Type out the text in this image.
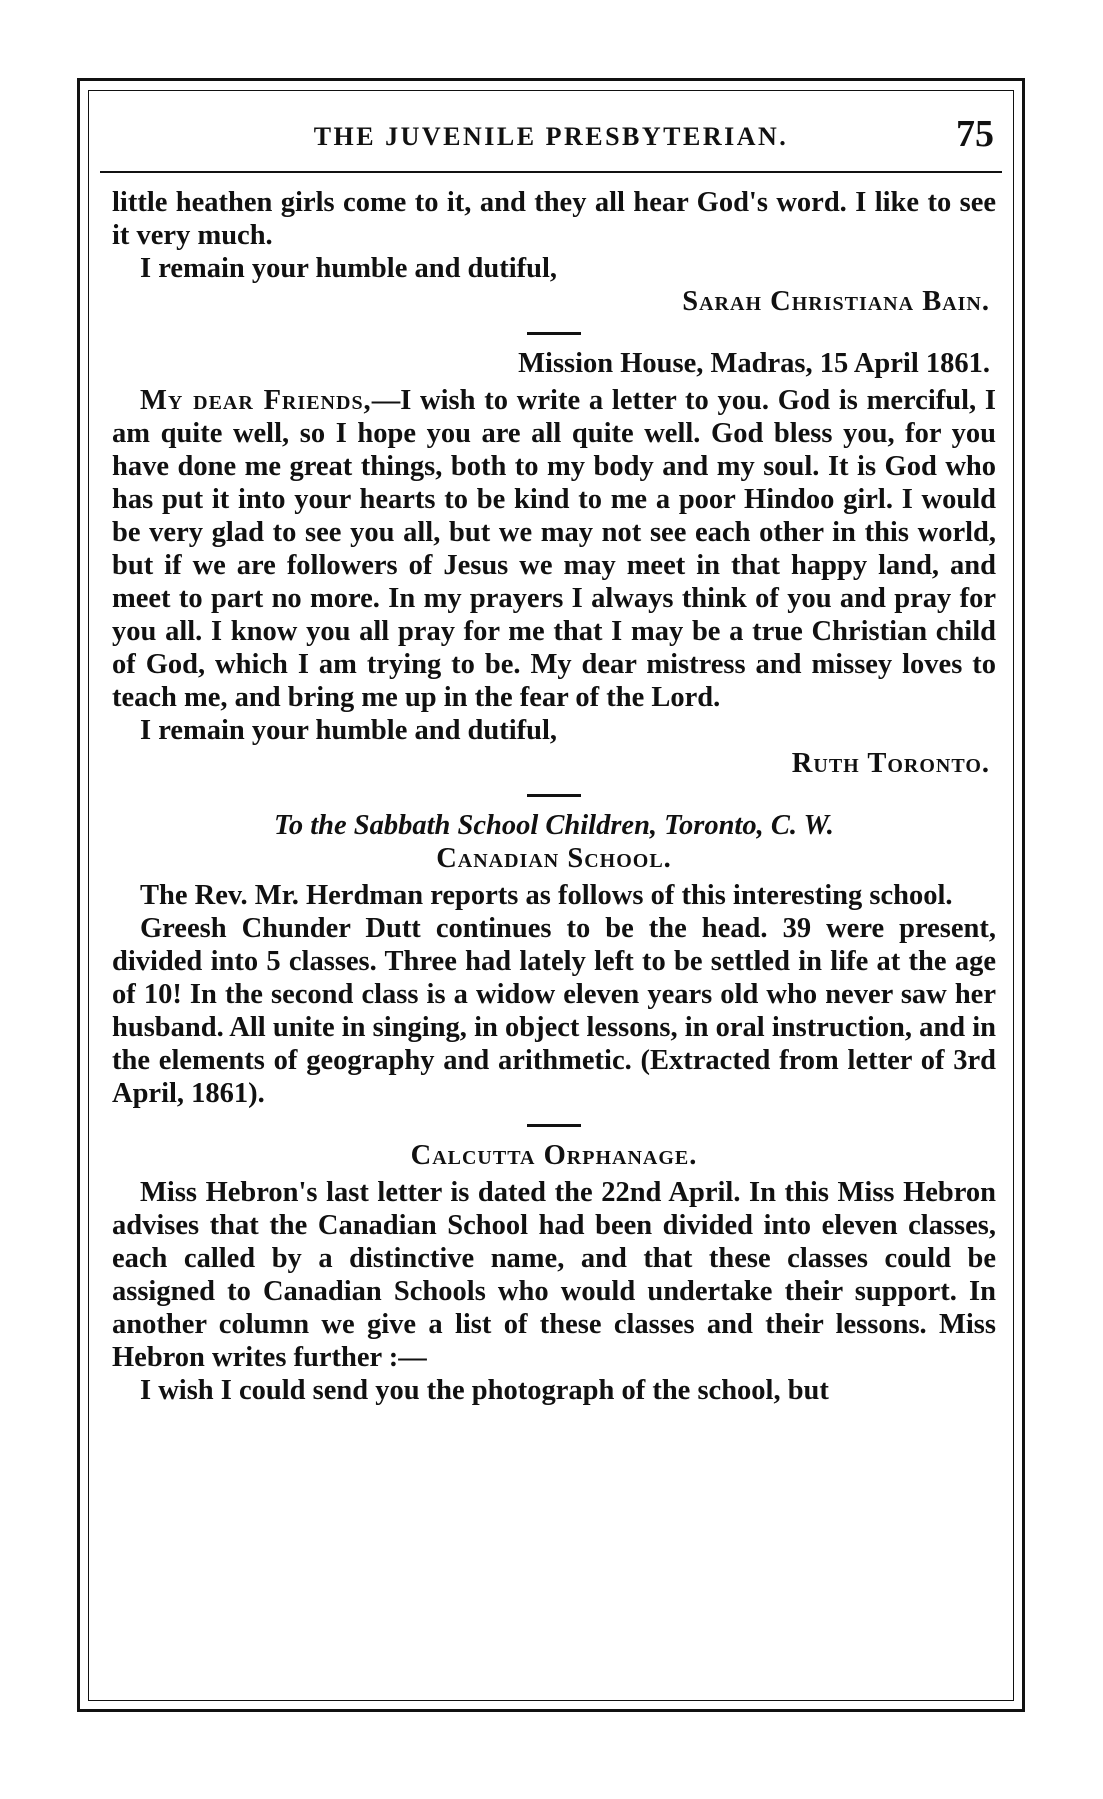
THE JUVENILE PRESBYTERIAN.	75

little heathen girls come to it, and they all hear God's word. I like to see it very much.

I remain your humble and dutiful,

Sarah Christiana Bain.

Mission House, Madras, 15 April 1861.

My dear Friends,—I wish to write a letter to you. God is merciful, I am quite well, so I hope you are all quite well. God bless you, for you have done me great things, both to my body and my soul. It is God who has put it into your hearts to be kind to me a poor Hindoo girl. I would be very glad to see you all, but we may not see each other in this world, but if we are followers of Jesus we may meet in that happy land, and meet to part no more. In my prayers I always think of you and pray for you all. I know you all pray for me that I may be a true Christian child of God, which I am trying to be. My dear mistress and missey loves to teach me, and bring me up in the fear of the Lord.

I remain your humble and dutiful,

Ruth Toronto.

To the Sabbath School Children, Toronto, C. W.

Canadian School.

The Rev. Mr. Herdman reports as follows of this interesting school.

Greesh Chunder Dutt continues to be the head. 39 were present, divided into 5 classes. Three had lately left to be settled in life at the age of 10! In the second class is a widow eleven years old who never saw her husband. All unite in singing, in object lessons, in oral instruction, and in the elements of geography and arithmetic. (Extracted from letter of 3rd April, 1861).

Calcutta Orphanage.

Miss Hebron's last letter is dated the 22nd April. In this Miss Hebron advises that the Canadian School had been divided into eleven classes, each called by a distinctive name, and that these classes could be assigned to Canadian Schools who would undertake their support. In another column we give a list of these classes and their lessons. Miss Hebron writes further :—

I wish I could send you the photograph of the school, but
